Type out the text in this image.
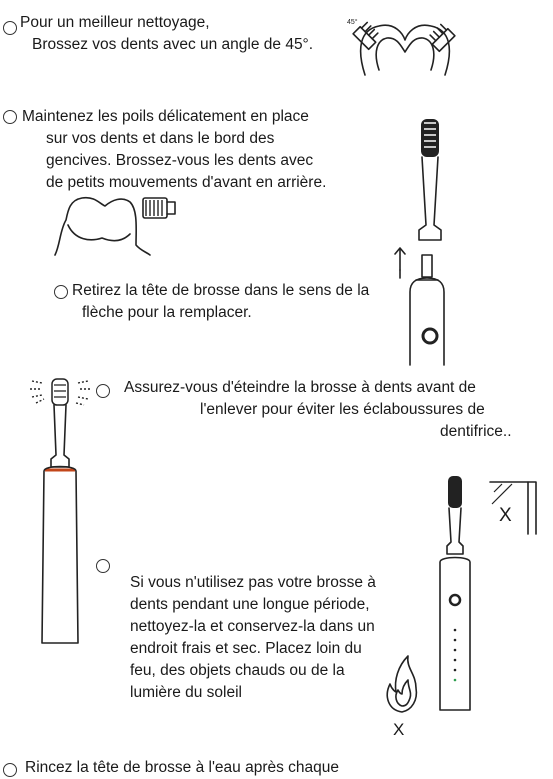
Pour un meilleur nettoyage,
Brossez vos dents avec un angle de 45°.
45°
Maintenez les poils délicatement en place
sur vos dents et dans le bord des
gencives. Brossez-vous les dents avec
de petits mouvements d'avant en arrière.
Retirez la tête de brosse dans le sens de la
flèche pour la remplacer.
Assurez-vous d'éteindre la brosse à dents avant de
l'enlever pour éviter les éclaboussures de
dentifrice..
X
Si vous n'utilisez pas votre brosse à
dents pendant une longue période,
nettoyez-la et conservez-la dans un
endroit frais et sec. Placez loin du
feu, des objets chauds ou de la
lumière du soleil
X
Rincez la tête de brosse à l'eau après chaque
